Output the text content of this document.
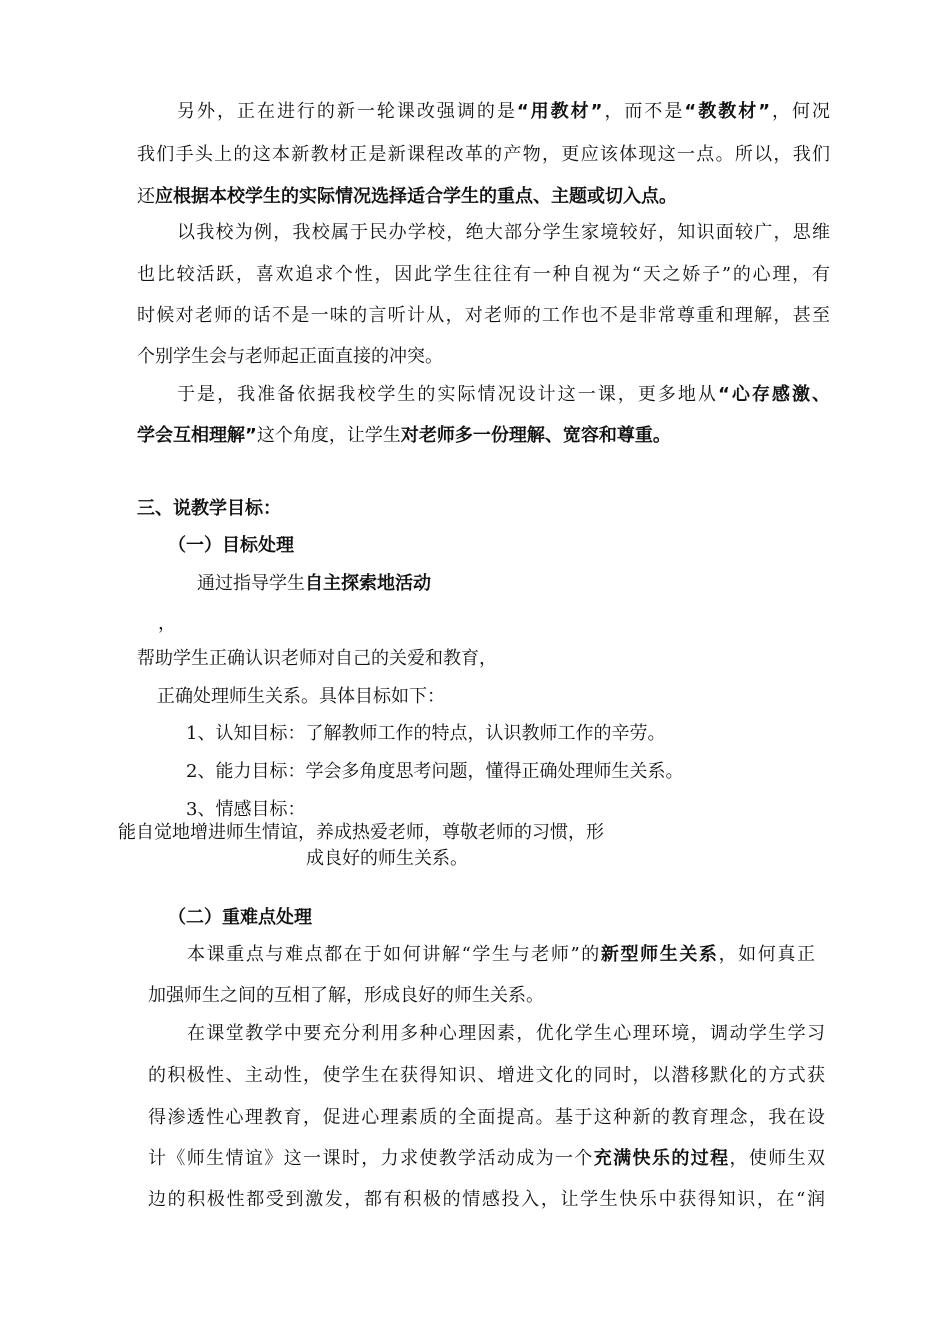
另外，正在进行的新一轮课改强调的是“用教材”，而不是“教教材”，何况
我们手头上的这本新教材正是新课程改革的产物，更应该体现这一点。所以，我们
还应根据本校学生的实际情况选择适合学生的重点、主题或切入点。
以我校为例，我校属于民办学校，绝大部分学生家境较好，知识面较广，思维
也比较活跃，喜欢追求个性，因此学生往往有一种自视为“天之娇子”的心理，有
时候对老师的话不是一味的言听计从，对老师的工作也不是非常尊重和理解，甚至
个别学生会与老师起正面直接的冲突。
于是，我准备依据我校学生的实际情况设计这一课，更多地从“心存感激、
学会互相理解”这个角度，让学生对老师多一份理解、宽容和尊重。
三、说教学目标：
（一）目标处理
通过指导学生自主探索地活动
，
帮助学生正确认识老师对自己的关爱和教育，
正确处理师生关系。具体目标如下：
1、认知目标：了解教师工作的特点，认识教师工作的辛劳。
2、能力目标：学会多角度思考问题，懂得正确处理师生关系。
3、情感目标：
能自觉地增进师生情谊，养成热爱老师，尊敬老师的习惯，形
成良好的师生关系。
（二）重难点处理
本课重点与难点都在于如何讲解“学生与老师”的新型师生关系，如何真正
加强师生之间的互相了解，形成良好的师生关系。
在课堂教学中要充分利用多种心理因素，优化学生心理环境，调动学生学习
的积极性、主动性，使学生在获得知识、增进文化的同时，以潜移默化的方式获
得渗透性心理教育，促进心理素质的全面提高。基于这种新的教育理念，我在设
计《师生情谊》这一课时，力求使教学活动成为一个充满快乐的过程，使师生双
边的积极性都受到激发，都有积极的情感投入，让学生快乐中获得知识，在“润
